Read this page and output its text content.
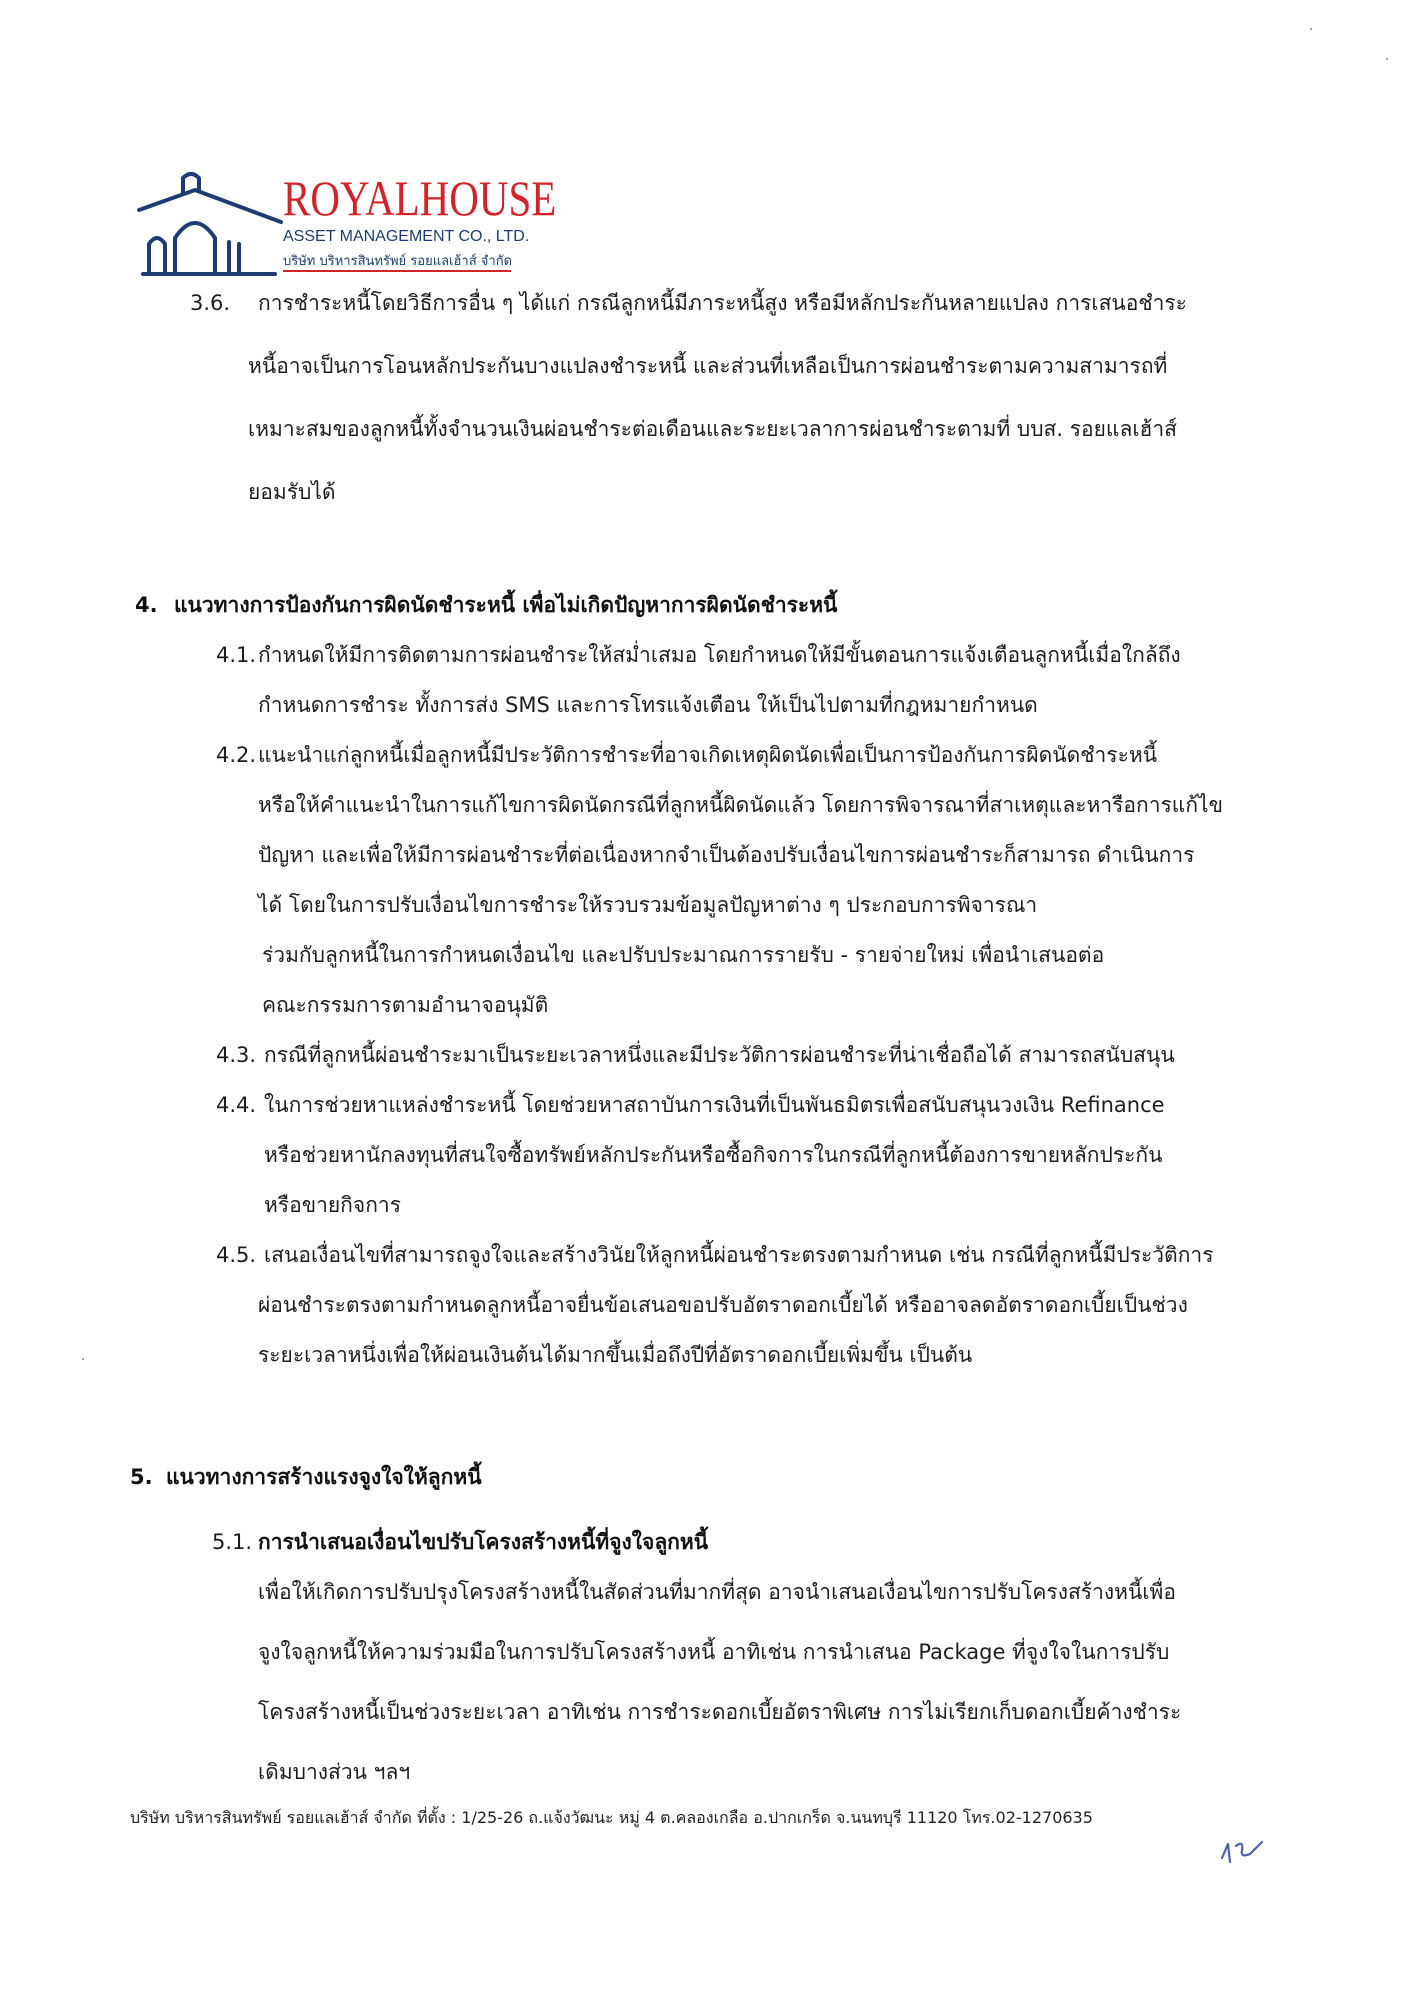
ROYALHOUSE
ASSET MANAGEMENT CO., LTD.
บริษัท บริหารสินทรัพย์ รอยแลเฮ้าส์ จำกัด
3.6. การชำระหนี้โดยวิธีการอื่น ๆ ได้แก่ กรณีลูกหนี้มีภาระหนี้สูง หรือมีหลักประกันหลายแปลง การเสนอชำระ
หนี้อาจเป็นการโอนหลักประกันบางแปลงชำระหนี้ และส่วนที่เหลือเป็นการผ่อนชำระตามความสามารถที่
เหมาะสมของลูกหนี้ทั้งจำนวนเงินผ่อนชำระต่อเดือนและระยะเวลาการผ่อนชำระตามที่ บบส. รอยแลเฮ้าส์
ยอมรับได้
4. แนวทางการป้องกันการผิดนัดชำระหนี้ เพื่อไม่เกิดปัญหาการผิดนัดชำระหนี้
4.1. กำหนดให้มีการติดตามการผ่อนชำระให้สม่ำเสมอ โดยกำหนดให้มีขั้นตอนการแจ้งเตือนลูกหนี้เมื่อใกล้ถึง
กำหนดการชำระ ทั้งการส่ง SMS และการโทรแจ้งเตือน ให้เป็นไปตามที่กฎหมายกำหนด
4.2. แนะนำแก่ลูกหนี้เมื่อลูกหนี้มีประวัติการชำระที่อาจเกิดเหตุผิดนัดเพื่อเป็นการป้องกันการผิดนัดชำระหนี้
หรือให้คำแนะนำในการแก้ไขการผิดนัดกรณีที่ลูกหนี้ผิดนัดแล้ว โดยการพิจารณาที่สาเหตุและหารือการแก้ไข
ปัญหา และเพื่อให้มีการผ่อนชำระที่ต่อเนื่องหากจำเป็นต้องปรับเงื่อนไขการผ่อนชำระก็สามารถ ดำเนินการ
ได้ โดยในการปรับเงื่อนไขการชำระให้รวบรวมข้อมูลปัญหาต่าง ๆ ประกอบการพิจารณา
ร่วมกับลูกหนี้ในการกำหนดเงื่อนไข และปรับประมาณการรายรับ - รายจ่ายใหม่ เพื่อนำเสนอต่อ
คณะกรรมการตามอำนาจอนุมัติ
4.3. กรณีที่ลูกหนี้ผ่อนชำระมาเป็นระยะเวลาหนึ่งและมีประวัติการผ่อนชำระที่น่าเชื่อถือได้ สามารถสนับสนุน
4.4. ในการช่วยหาแหล่งชำระหนี้ โดยช่วยหาสถาบันการเงินที่เป็นพันธมิตรเพื่อสนับสนุนวงเงิน Refinance
หรือช่วยหานักลงทุนที่สนใจซื้อทรัพย์หลักประกันหรือซื้อกิจการในกรณีที่ลูกหนี้ต้องการขายหลักประกัน
หรือขายกิจการ
4.5. เสนอเงื่อนไขที่สามารถจูงใจและสร้างวินัยให้ลูกหนี้ผ่อนชำระตรงตามกำหนด เช่น กรณีที่ลูกหนี้มีประวัติการ
ผ่อนชำระตรงตามกำหนดลูกหนี้อาจยื่นข้อเสนอขอปรับอัตราดอกเบี้ยได้ หรืออาจลดอัตราดอกเบี้ยเป็นช่วง
ระยะเวลาหนึ่งเพื่อให้ผ่อนเงินต้นได้มากขึ้นเมื่อถึงปีที่อัตราดอกเบี้ยเพิ่มขึ้น เป็นต้น
5. แนวทางการสร้างแรงจูงใจให้ลูกหนี้
5.1. การนำเสนอเงื่อนไขปรับโครงสร้างหนี้ที่จูงใจลูกหนี้
เพื่อให้เกิดการปรับปรุงโครงสร้างหนี้ในสัดส่วนที่มากที่สุด อาจนำเสนอเงื่อนไขการปรับโครงสร้างหนี้เพื่อ
จูงใจลูกหนี้ให้ความร่วมมือในการปรับโครงสร้างหนี้ อาทิเช่น การนำเสนอ Package ที่จูงใจในการปรับ
โครงสร้างหนี้เป็นช่วงระยะเวลา อาทิเช่น การชำระดอกเบี้ยอัตราพิเศษ การไม่เรียกเก็บดอกเบี้ยค้างชำระ
เดิมบางส่วน ฯลฯ
บริษัท บริหารสินทรัพย์ รอยแลเฮ้าส์ จำกัด ที่ตั้ง : 1/25-26 ถ.แจ้งวัฒนะ หมู่ 4 ต.คลองเกลือ อ.ปากเกร็ด จ.นนทบุรี 11120 โทร.02-1270635
